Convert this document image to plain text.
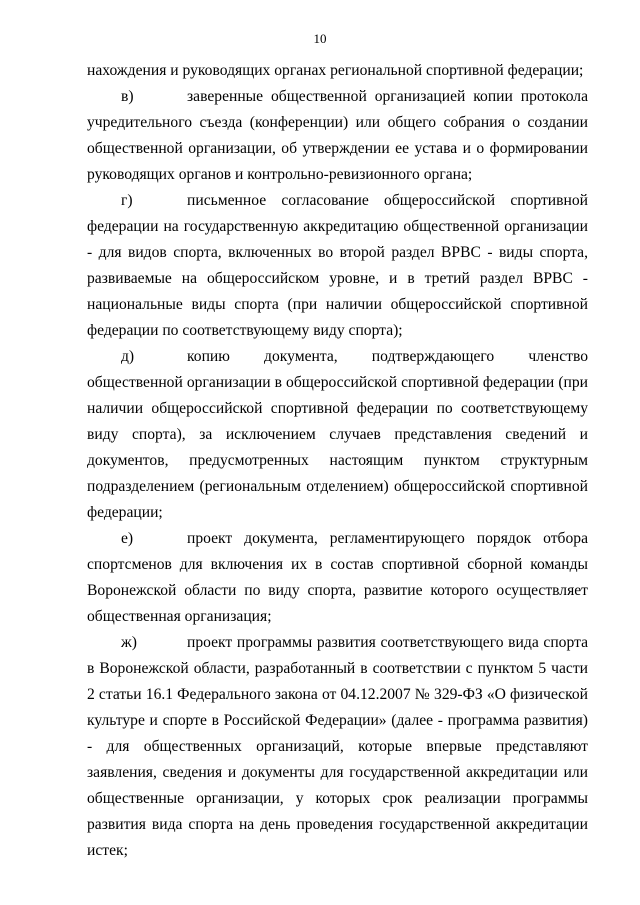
10

нахождения и руководящих органах региональной спортивной федерации;

в)	заверенные общественной организацией копии протокола учредительного съезда (конференции) или общего собрания о создании общественной организации, об утверждении ее устава и о формировании руководящих органов и контрольно-ревизионного органа;

г)	письменное согласование общероссийской спортивной федерации на государственную аккредитацию общественной организации - для видов спорта, включенных во второй раздел ВРВС - виды спорта, развиваемые на общероссийском уровне, и в третий раздел ВРВС - национальные виды спорта (при наличии общероссийской спортивной федерации по соответствующему виду спорта);

д)	копию документа, подтверждающего членство общественной организации в общероссийской спортивной федерации (при наличии общероссийской спортивной федерации по соответствующему виду спорта), за исключением случаев представления сведений и документов, предусмотренных настоящим пунктом структурным подразделением (региональным отделением) общероссийской спортивной федерации;

е)	проект документа, регламентирующего порядок отбора спортсменов для включения их в состав спортивной сборной команды Воронежской области по виду спорта, развитие которого осуществляет общественная организация;

ж)	проект программы развития соответствующего вида спорта в Воронежской области, разработанный в соответствии с пунктом 5 части 2 статьи 16.1 Федерального закона от 04.12.2007 № 329-ФЗ «О физической культуре и спорте в Российской Федерации» (далее - программа развития) - для общественных организаций, которые впервые представляют заявления, сведения и документы для государственной аккредитации или общественные организации, у которых срок реализации программы развития вида спорта на день проведения государственной аккредитации истек;
